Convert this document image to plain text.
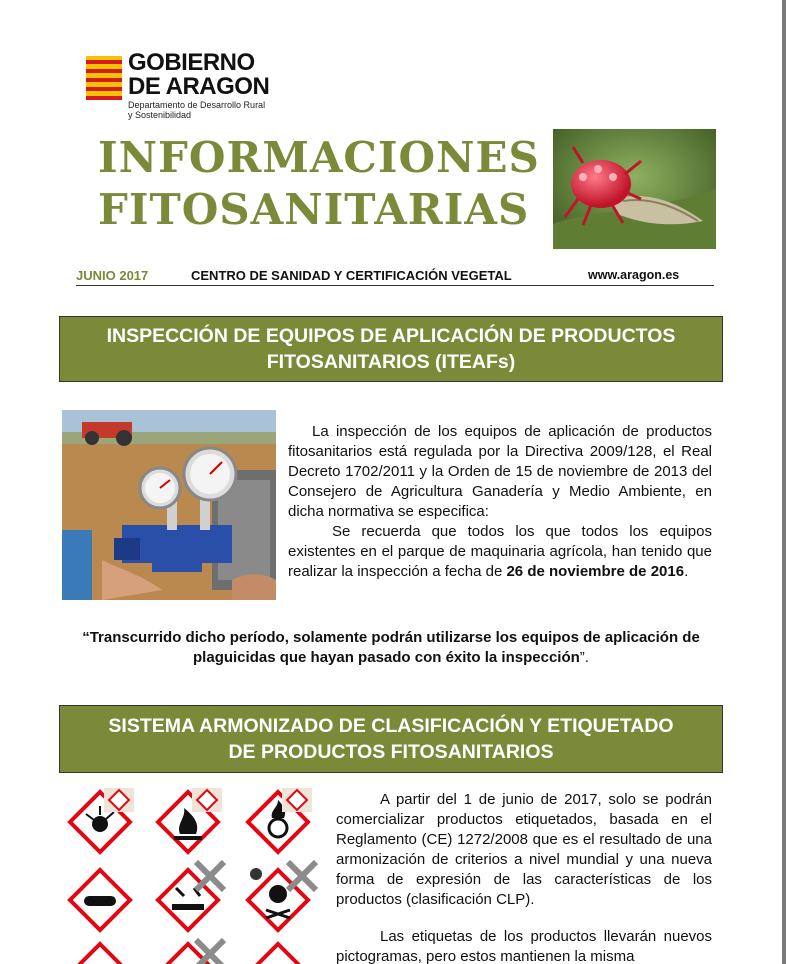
GOBIERNO
DE ARAGON
Departamento de Desarrollo Rural
y Sostenibilidad
INFORMACIONES
FITOSANITARIAS
JUNIO 2017	CENTRO DE SANIDAD Y CERTIFICACIÓN VEGETAL	www.aragon.es
INSPECCIÓN DE EQUIPOS DE APLICACIÓN DE PRODUCTOS
FITOSANITARIOS (ITEAFs)
La inspección de los equipos de aplicación de productos fitosanitarios está regulada por la Directiva 2009/128, el Real Decreto 1702/2011 y la Orden de 15 de noviembre de 2013 del Consejero de Agricultura Ganadería y Medio Ambiente, en dicha normativa se especifica:
Se recuerda que todos los que todos los equipos existentes en el parque de maquinaria agrícola, han tenido que realizar la inspección a fecha de 26 de noviembre de 2016.
“Transcurrido dicho período, solamente podrán utilizarse los equipos de aplicación de plaguicidas que hayan pasado con éxito la inspección”.
SISTEMA ARMONIZADO DE CLASIFICACIÓN Y ETIQUETADO
DE PRODUCTOS FITOSANITARIOS
A partir del 1 de junio de 2017, solo se podrán comercializar productos etiquetados, basada en el Reglamento (CE) 1272/2008 que es el resultado de una armonización de criterios a nivel mundial y una nueva forma de expresión de las características de los productos (clasificación CLP).
Las etiquetas de los productos llevarán nuevos pictogramas, pero estos mantienen la misma
